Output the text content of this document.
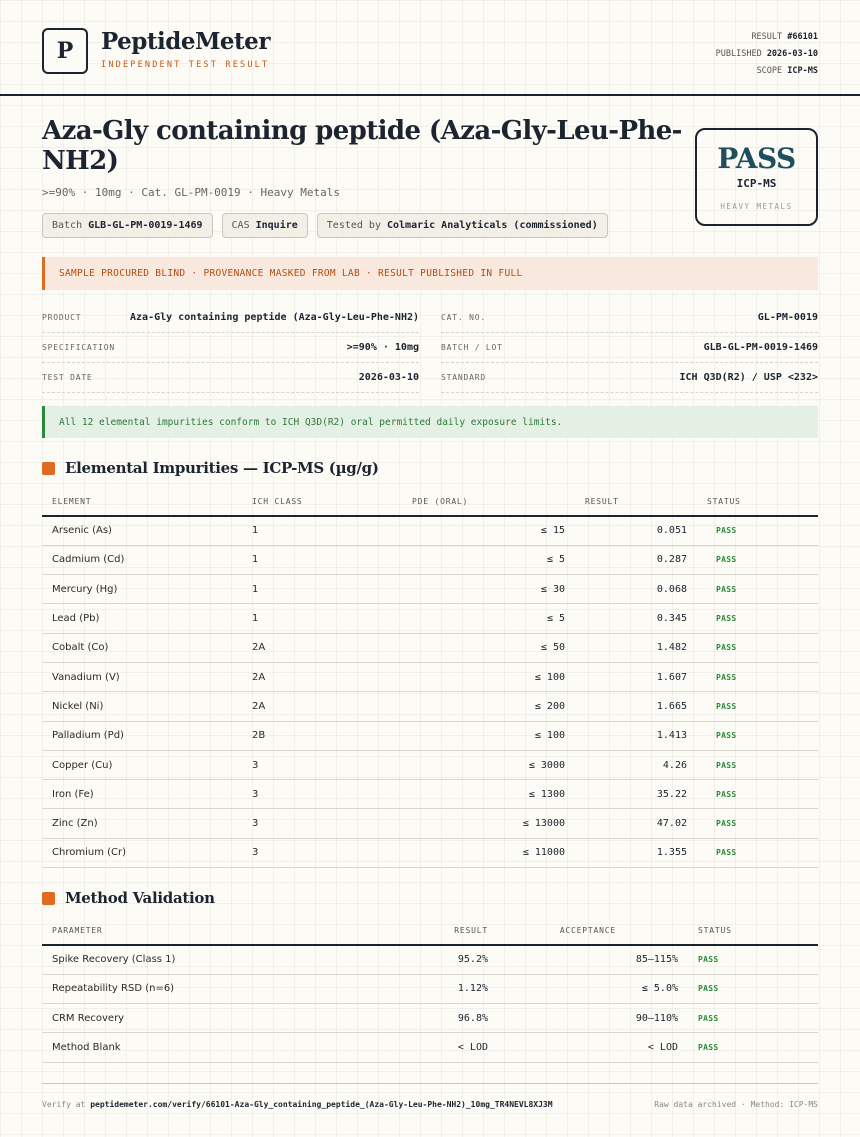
P PeptideMeter
INDEPENDENT TEST RESULT
RESULT #66101
PUBLISHED 2026-03-10
SCOPE ICP-MS
Aza-Gly containing peptide (Aza-Gly-Leu-Phe-NH2)
>=90% · 10mg · Cat. GL-PM-0019 · Heavy Metals
Batch GLB-GL-PM-0019-1469	CAS Inquire	Tested by Colmaric Analyticals (commissioned)
PASS
ICP-MS
HEAVY METALS
SAMPLE PROCURED BLIND · PROVENANCE MASKED FROM LAB · RESULT PUBLISHED IN FULL
PRODUCT	Aza-Gly containing peptide (Aza-Gly-Leu-Phe-NH2)	CAT. NO.	GL-PM-0019
SPECIFICATION	>=90% · 10mg	BATCH / LOT	GLB-GL-PM-0019-1469
TEST DATE	2026-03-10	STANDARD	ICH Q3D(R2) / USP <232>
All 12 elemental impurities conform to ICH Q3D(R2) oral permitted daily exposure limits.
Elemental Impurities — ICP-MS (µg/g)
ELEMENT	ICH CLASS	PDE (ORAL)	RESULT	STATUS
Arsenic (As)	1	≤ 15	0.051	PASS
Cadmium (Cd)	1	≤ 5	0.287	PASS
Mercury (Hg)	1	≤ 30	0.068	PASS
Lead (Pb)	1	≤ 5	0.345	PASS
Cobalt (Co)	2A	≤ 50	1.482	PASS
Vanadium (V)	2A	≤ 100	1.607	PASS
Nickel (Ni)	2A	≤ 200	1.665	PASS
Palladium (Pd)	2B	≤ 100	1.413	PASS
Copper (Cu)	3	≤ 3000	4.26	PASS
Iron (Fe)	3	≤ 1300	35.22	PASS
Zinc (Zn)	3	≤ 13000	47.02	PASS
Chromium (Cr)	3	≤ 11000	1.355	PASS
Method Validation
PARAMETER	RESULT	ACCEPTANCE	STATUS
Spike Recovery (Class 1)	95.2%	85–115%	PASS
Repeatability RSD (n=6)	1.12%	≤ 5.0%	PASS
CRM Recovery	96.8%	90–110%	PASS
Method Blank	< LOD	< LOD	PASS
Verify at peptidemeter.com/verify/66101-Aza-Gly_containing_peptide_(Aza-Gly-Leu-Phe-NH2)_10mg_TR4NEVL8XJ3M	Raw data archived · Method: ICP-MS
